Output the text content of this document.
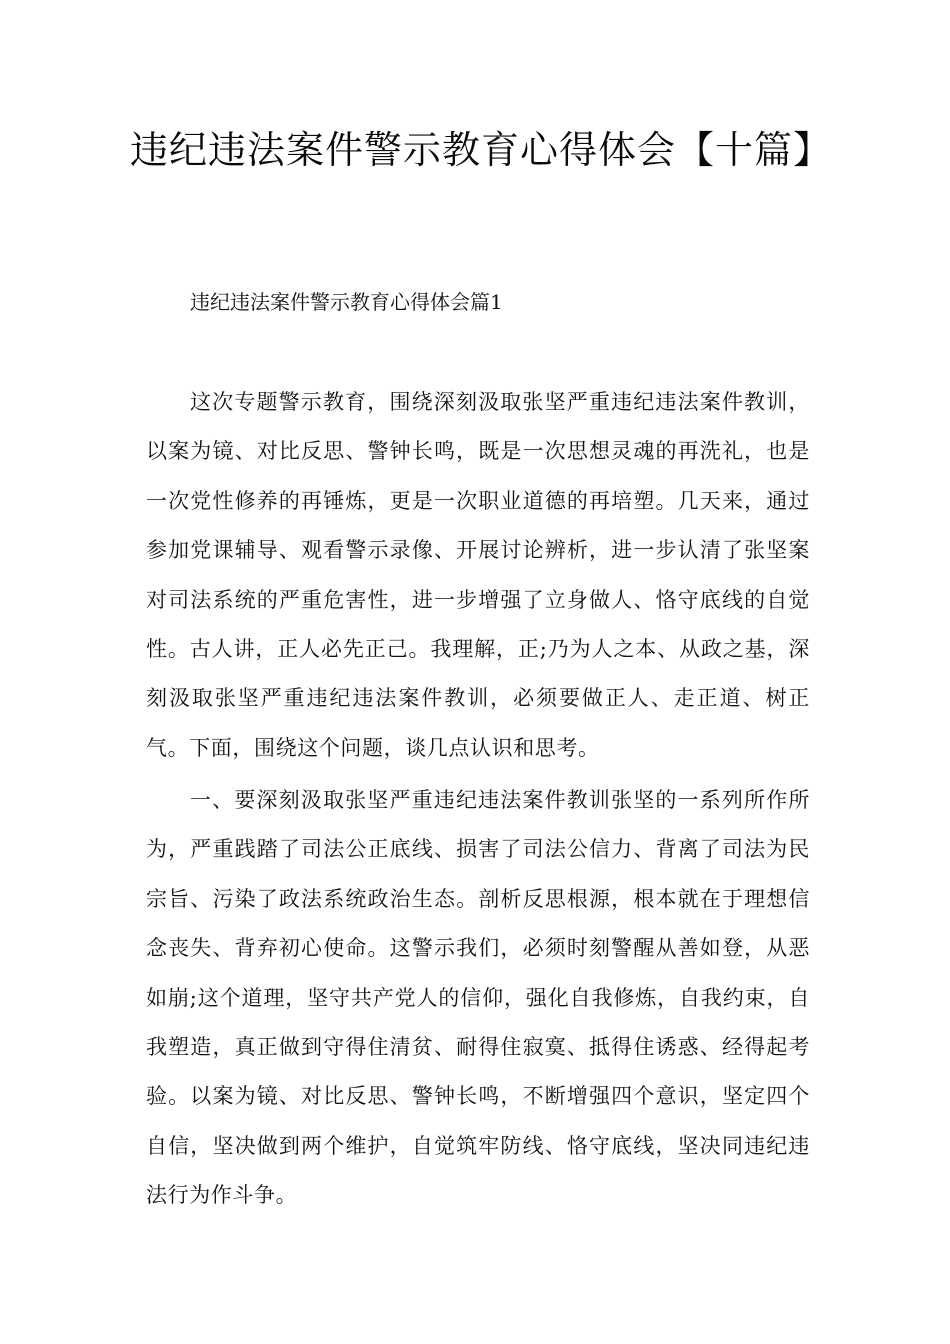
违纪违法案件警示教育心得体会【十篇】

违纪违法案件警示教育心得体会篇1

这次专题警示教育，围绕深刻汲取张坚严重违纪违法案件教训，以案为镜、对比反思、警钟长鸣，既是一次思想灵魂的再洗礼，也是一次党性修养的再锤炼，更是一次职业道德的再培塑。几天来，通过参加党课辅导、观看警示录像、开展讨论辨析，进一步认清了张坚案对司法系统的严重危害性，进一步增强了立身做人、恪守底线的自觉性。古人讲，正人必先正己。我理解，正;乃为人之本、从政之基，深刻汲取张坚严重违纪违法案件教训，必须要做正人、走正道、树正气。下面，围绕这个问题，谈几点认识和思考。

一、要深刻汲取张坚严重违纪违法案件教训张坚的一系列所作所为，严重践踏了司法公正底线、损害了司法公信力、背离了司法为民宗旨、污染了政法系统政治生态。剖析反思根源，根本就在于理想信念丧失、背弃初心使命。这警示我们，必须时刻警醒从善如登，从恶如崩;这个道理，坚守共产党人的信仰，强化自我修炼，自我约束，自我塑造，真正做到守得住清贫、耐得住寂寞、抵得住诱惑、经得起考验。以案为镜、对比反思、警钟长鸣，不断增强四个意识，坚定四个自信，坚决做到两个维护，自觉筑牢防线、恪守底线，坚决同违纪违法行为作斗争。
